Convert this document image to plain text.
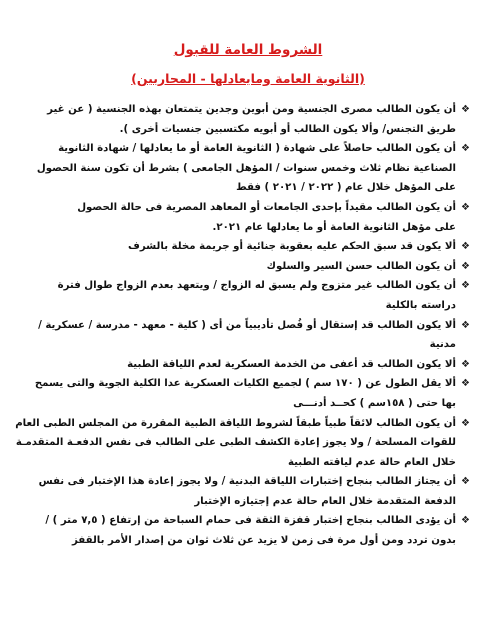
الشروط العامة للقبول
(الثانوية العامة ومايعادلها - المحاربين)
❖
أن يكون الطالب مصرى الجنسية ومن أبوين وجدين يتمتعان بهذه الجنسية ( عن غير
طريق التجنس/ وألا يكون الطالب أو أبويه مكتسبين جنسيات أخرى ).
❖
أن يكون الطالب حاصلاً على شهادة ( الثانوية العامة أو ما يعادلها / شهادة الثانوية
الصناعية نظام ثلاث وخمس سنوات / المؤهل الجامعى ) بشرط أن تكون سنة الحصول
على المؤهل خلال عام ( ٢٠٢٢ / ٢٠٢١ ) فقط
❖
أن يكون الطالب مقيداً بإحدى الجامعات أو المعاهد المصرية فى حالة الحصول
على مؤهل الثانوية العامة أو ما يعادلها عام ٢٠٢١.
❖
ألا يكون قد سبق الحكم عليه بعقوبة جنائية أو جريمة مخلة بالشرف
❖
أن يكون الطالب حسن السير والسلوك
❖
أن يكون الطالب غير متزوج ولم يسبق له الزواج / ويتعهد بعدم الزواج طوال فترة
دراسته بالكلية
❖
ألا يكون الطالب قد إستقال أو فُصل تأديبياً من أى ( كلية - معهد - مدرسة / عسكرية /
مدنية
❖
ألا يكون الطالب قد أعفى من الخدمة العسكرية لعدم اللياقة الطبية
❖
ألا يقل الطول عن ( ١٧٠ سم ) لجميع الكليات العسكرية عدا الكلية الجوية والتى يسمح
بها حتى ( ١٥٨سم ) كحــد أدنـــى
❖
أن يكون الطالب لائقاً طبياً طبقاً لشروط اللياقة الطبية المقررة من المجلس الطبى العام
للقوات المسلحة / ولا يجوز إعادة الكشف الطبى على الطالب فى نفس الدفعـة المتقدمـة
خلال العام حالة عدم لياقته الطبية
❖
أن يجتاز الطالب بنجاح إختبارات اللياقة البدنية / ولا يجوز إعادة هذا الإختبار فى نفس
الدفعة المتقدمة خلال العام حالة عدم إجتيازه الإختبار
❖
أن يؤدى الطالب بنجاح إختبار قفزة الثقة فى حمام السباحة من إرتفاع ( ٧,٥ متر ) /
بدون تردد ومن أول مرة فى زمن لا يزيد عن ثلاث ثوان من إصدار الأمر بالقفز
